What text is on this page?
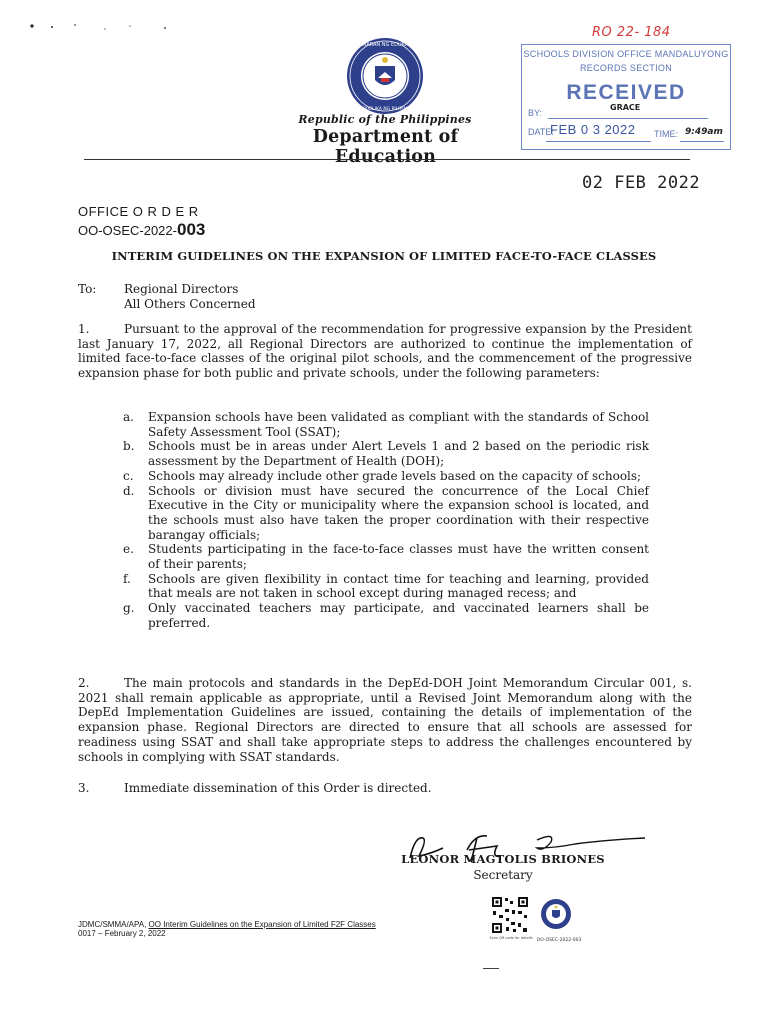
KAGAWARAN NG EDUKASYON
REPUBLIKA NG PILIPINAS
Republic of the Philippines
Department of Education
RO 22- 184
SCHOOLS DIVISION OFFICE MANDALUYONG
RECORDS SECTION
RECEIVED
BY:
GRACE
DATE:
FEB 0 3 2022 TIME: 9:49am
02 FEB 2022
OFFICE O R D E R
OO-OSEC-2022-003
INTERIM GUIDELINES ON THE EXPANSION OF LIMITED FACE-TO-FACE CLASSES
To: Regional Directors
All Others Concerned
1.	Pursuant to the approval of the recommendation for progressive expansion by the President last January 17, 2022, all Regional Directors are authorized to continue the implementation of limited face-to-face classes of the original pilot schools, and the commencement of the progressive expansion phase for both public and private schools, under the following parameters:
a. Expansion schools have been validated as compliant with the standards of School Safety Assessment Tool (SSAT);
b. Schools must be in areas under Alert Levels 1 and 2 based on the periodic risk assessment by the Department of Health (DOH);
c. Schools may already include other grade levels based on the capacity of schools;
d. Schools or division must have secured the concurrence of the Local Chief Executive in the City or municipality where the expansion school is located, and the schools must also have taken the proper coordination with their respective barangay officials;
e. Students participating in the face-to-face classes must have the written consent of their parents;
f. Schools are given flexibility in contact time for teaching and learning, provided that meals are not taken in school except during managed recess; and
g. Only vaccinated teachers may participate, and vaccinated learners shall be preferred.
2.	The main protocols and standards in the DepEd-DOH Joint Memorandum Circular 001, s. 2021 shall remain applicable as appropriate, until a Revised Joint Memorandum along with the DepEd Implementation Guidelines are issued, containing the details of implementation of the expansion phase. Regional Directors are directed to ensure that all schools are assessed for readiness using SSAT and shall take appropriate steps to address the challenges encountered by schools in complying with SSAT standards.
3.	Immediate dissemination of this Order is directed.
LEONOR MAGTOLIS BRIONES
Secretary
JDMC/SMMA/APA, OO Interim Guidelines on the Expansion of Limited F2F Classes
0017 – February 2, 2022	Scan QR code for details OO-OSEC-2022-003
